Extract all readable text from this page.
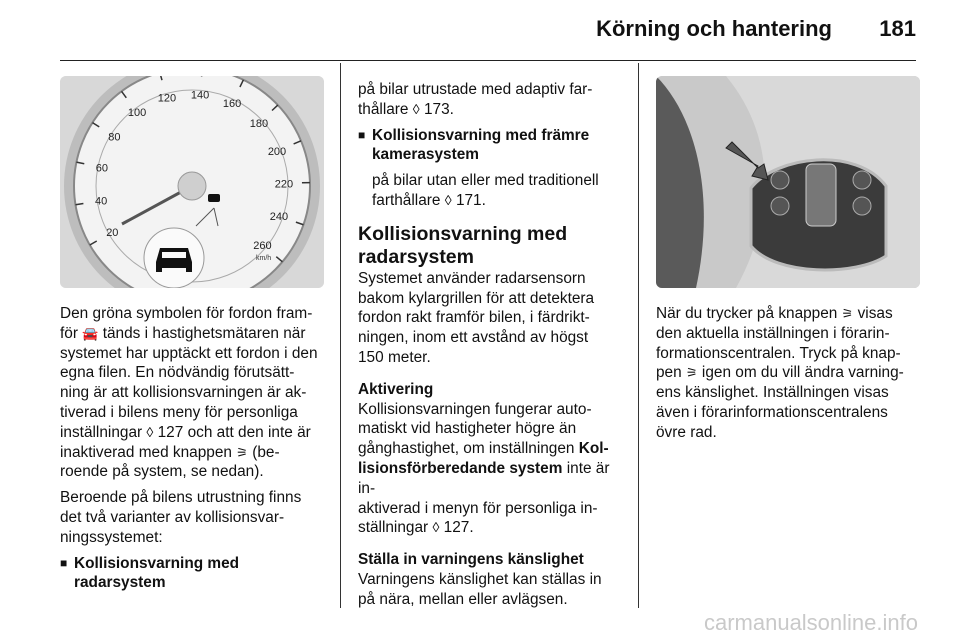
Körning och hantering 181
20
40
60
80
100
120 140
160
180
200
220
240
260
km/h

Den gröna symbolen för fordon fram-
för 🚘 tänds i hastighetsmätaren när
systemet har upptäckt ett fordon i den
egna filen. En nödvändig förutsätt-
ning är att kollisionsvarningen är ak-
tiverad i bilens meny för personliga
inställningar ◊ 127 och att den inte är
inaktiverad med knappen ⚞ (be-
roende på system, se nedan).

Beroende på bilens utrustning finns
det två varianter av kollisionsvar-
ningssystemet:

■ Kollisionsvarning med radarsystem

på bilar utrustade med adaptiv far-
thållare ◊ 173.

■ Kollisionsvarning med främre
kamerasystem

på bilar utan eller med traditionell
farthållare ◊ 171.

Kollisionsvarning med
radarsystem

Systemet använder radarsensorn
bakom kylargrillen för att detektera
fordon rakt framför bilen, i färdrikt-
ningen, inom ett avstånd av högst
150 meter.

Aktivering

Kollisionsvarningen fungerar auto-
matiskt vid hastigheter högre än
gånghastighet, om inställningen Kol-
lisionsförberedande system inte är in-
aktiverad i menyn för personliga in-
ställningar ◊ 127.

Ställa in varningens känslighet

Varningens känslighet kan ställas in
på nära, mellan eller avlägsen.

När du trycker på knappen ⚞ visas
den aktuella inställningen i förarin-
formationscentralen. Tryck på knap-
pen ⚞ igen om du vill ändra varning-
ens känslighet. Inställningen visas
även i förarinformationscentralens
övre rad.

carmanualsonline.info
